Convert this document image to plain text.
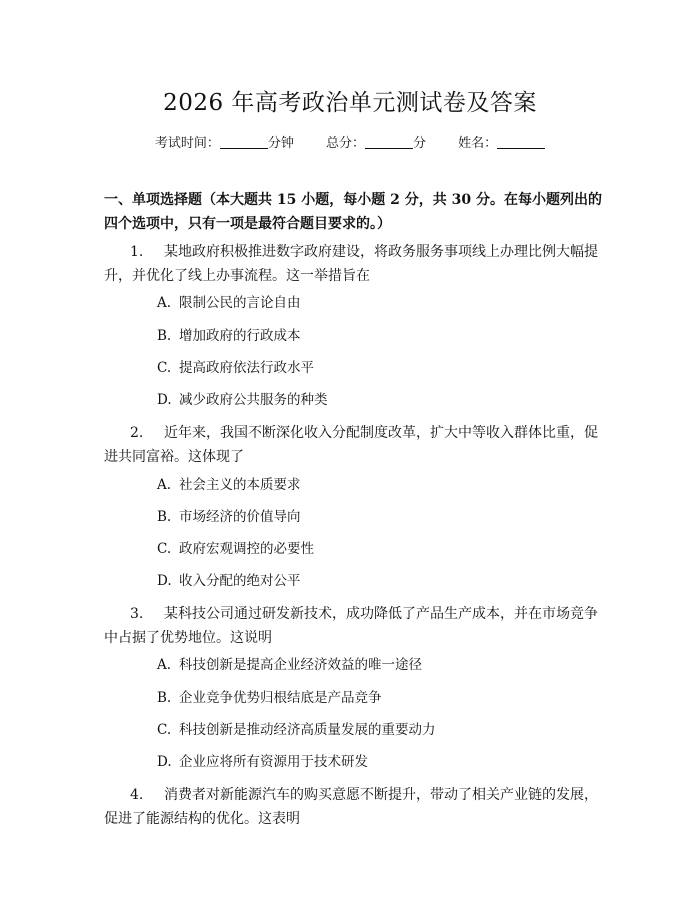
2026 年高考政治单元测试卷及答案
考试时间：	分钟 总分：	分 姓名：
一、单项选择题（本大题共 15 小题，每小题 2 分，共 30 分。在每小题列出的四个选项中，只有一项是最符合题目要求的。）
1. 某地政府积极推进数字政府建设，将政务服务事项线上办理比例大幅提升，并优化了线上办事流程。这一举措旨在
A. 限制公民的言论自由
B. 增加政府的行政成本
C. 提高政府依法行政水平
D. 减少政府公共服务的种类
2. 近年来，我国不断深化收入分配制度改革，扩大中等收入群体比重，促进共同富裕。这体现了
A. 社会主义的本质要求
B. 市场经济的价值导向
C. 政府宏观调控的必要性
D. 收入分配的绝对公平
3. 某科技公司通过研发新技术，成功降低了产品生产成本，并在市场竞争中占据了优势地位。这说明
A. 科技创新是提高企业经济效益的唯一途径
B. 企业竞争优势归根结底是产品竞争
C. 科技创新是推动经济高质量发展的重要动力
D. 企业应将所有资源用于技术研发
4. 消费者对新能源汽车的购买意愿不断提升，带动了相关产业链的发展，促进了能源结构的优化。这表明
